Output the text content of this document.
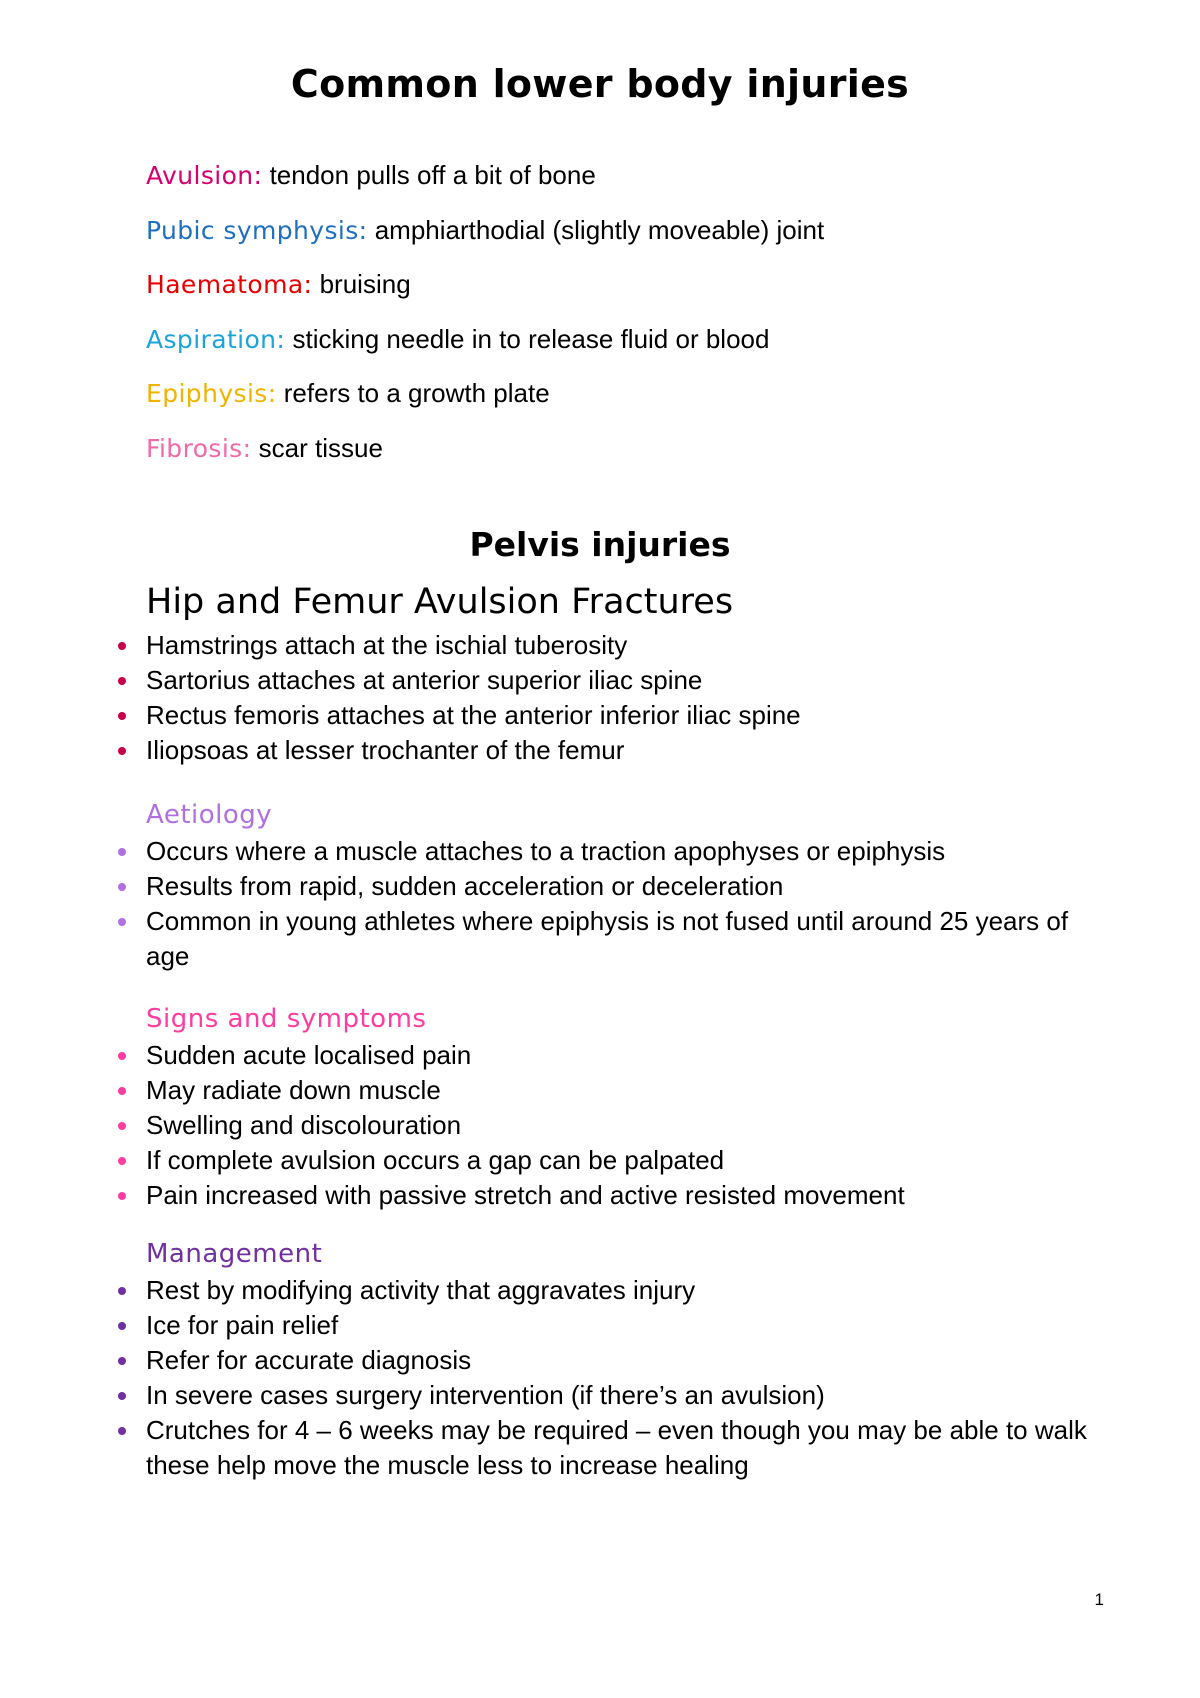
Common lower body injuries
Avulsion: tendon pulls off a bit of bone
Pubic symphysis: amphiarthodial (slightly moveable) joint
Haematoma: bruising
Aspiration: sticking needle in to release fluid or blood
Epiphysis: refers to a growth plate
Fibrosis: scar tissue
Pelvis injuries
Hip and Femur Avulsion Fractures
Hamstrings attach at the ischial tuberosity
Sartorius attaches at anterior superior iliac spine
Rectus femoris attaches at the anterior inferior iliac spine
Iliopsoas at lesser trochanter of the femur
Aetiology
Occurs where a muscle attaches to a traction apophyses or epiphysis
Results from rapid, sudden acceleration or deceleration
Common in young athletes where epiphysis is not fused until around 25 years of age
Signs and symptoms
Sudden acute localised pain
May radiate down muscle
Swelling and discolouration
If complete avulsion occurs a gap can be palpated
Pain increased with passive stretch and active resisted movement
Management
Rest by modifying activity that aggravates injury
Ice for pain relief
Refer for accurate diagnosis
In severe cases surgery intervention (if there’s an avulsion)
Crutches for 4 – 6 weeks may be required – even though you may be able to walk these help move the muscle less to increase healing
1
